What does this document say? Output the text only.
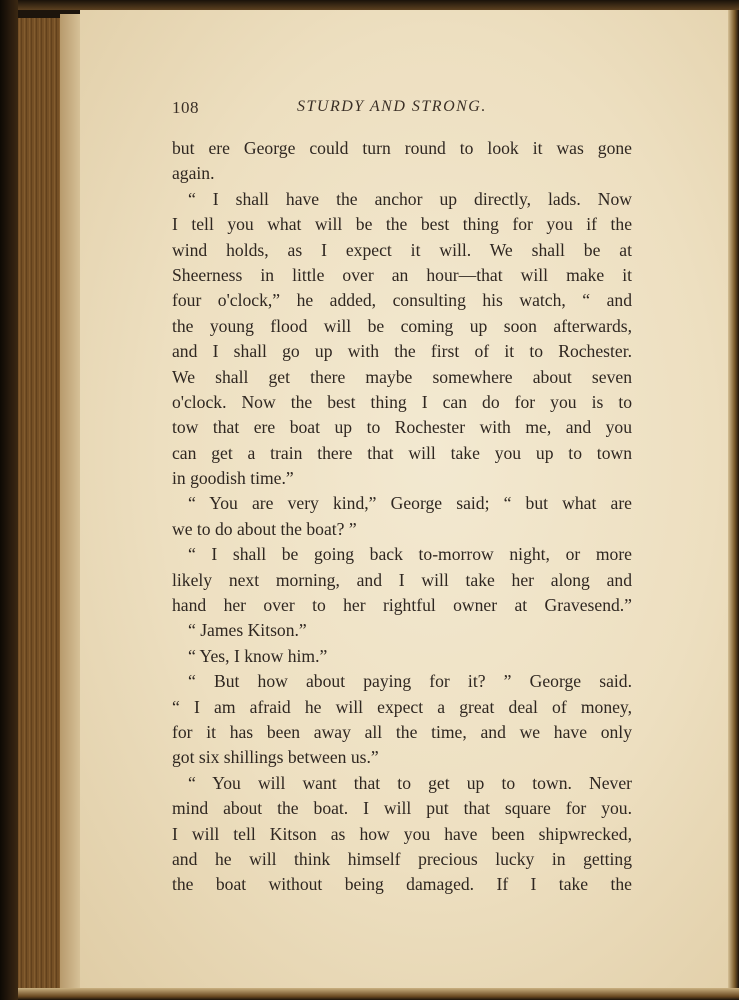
108	STURDY AND STRONG.
but ere George could turn round to look it was gone
again.
“ I shall have the anchor up directly, lads. Now
I tell you what will be the best thing for you if the
wind holds, as I expect it will. We shall be at
Sheerness in little over an hour—that will make it
four o'clock,” he added, consulting his watch, “ and
the young flood will be coming up soon afterwards,
and I shall go up with the first of it to Rochester.
We shall get there maybe somewhere about seven
o'clock. Now the best thing I can do for you is to
tow that ere boat up to Rochester with me, and you
can get a train there that will take you up to town
in goodish time.”
“ You are very kind,” George said; “ but what are
we to do about the boat? ”
“ I shall be going back to-morrow night, or more
likely next morning, and I will take her along and
hand her over to her rightful owner at Gravesend.”
“ James Kitson.”
“ Yes, I know him.”
“ But how about paying for it? ” George said.
“ I am afraid he will expect a great deal of money,
for it has been away all the time, and we have only
got six shillings between us.”
“ You will want that to get up to town. Never
mind about the boat. I will put that square for you.
I will tell Kitson as how you have been shipwrecked,
and he will think himself precious lucky in getting
the boat without being damaged. If I take the
